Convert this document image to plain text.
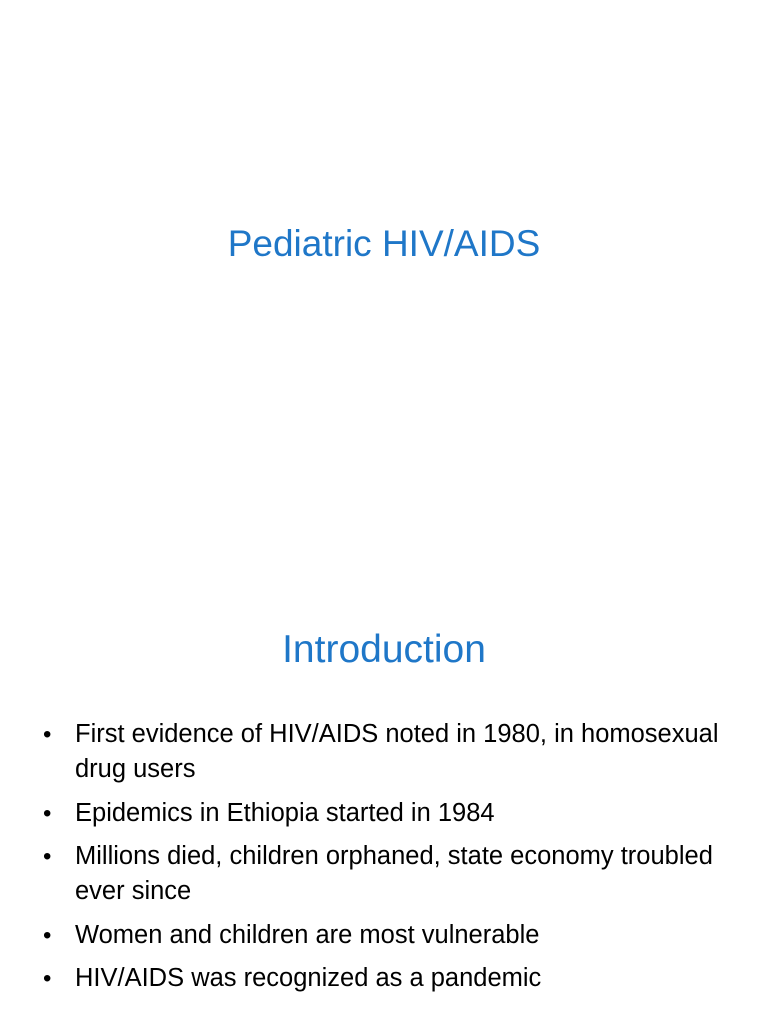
Pediatric HIV/AIDS
Introduction
• First evidence of HIV/AIDS noted in 1980, in homosexual drug users
• Epidemics in Ethiopia started in 1984
• Millions died, children orphaned, state economy troubled ever since
• Women and children are most vulnerable
• HIV/AIDS was recognized as a pandemic
